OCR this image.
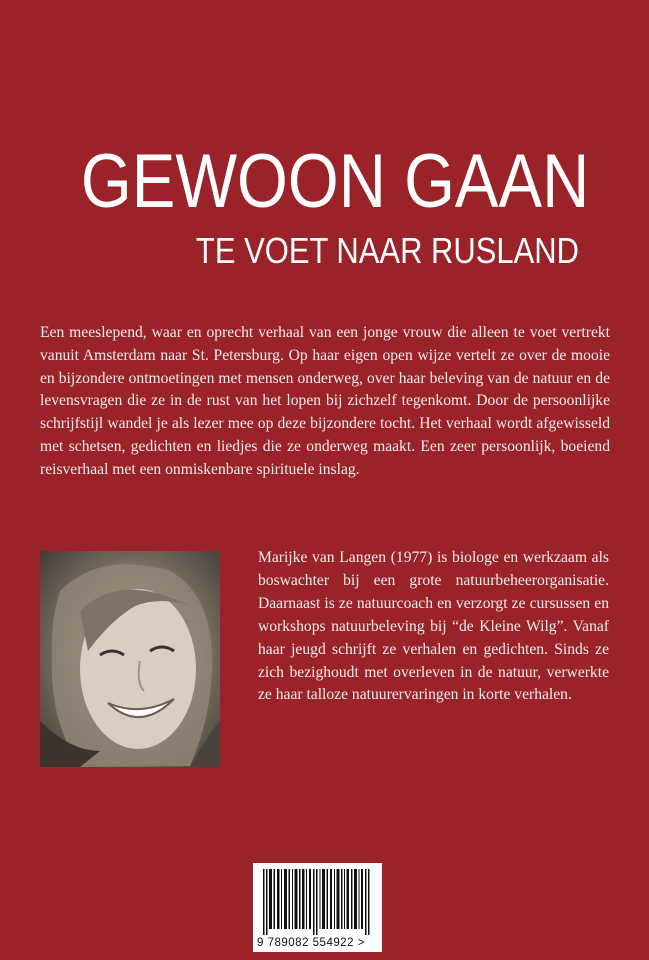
GEWOON GAAN
TE VOET NAAR RUSLAND
Een meeslepend, waar en oprecht verhaal van een jonge vrouw die alleen te voet vertrekt vanuit Amsterdam naar St. Petersburg. Op haar eigen open wijze vertelt ze over de mooie en bijzondere ontmoetingen met mensen onderweg, over haar beleving van de natuur en de levensvragen die ze in de rust van het lopen bij zichzelf tegenkomt. Door de persoonlijke schrijfstijl wandel je als lezer mee op deze bijzondere tocht. Het verhaal wordt afgewisseld met schetsen, gedichten en liedjes die ze onderweg maakt. Een zeer persoonlijk, boeiend reisverhaal met een onmiskenbare spirituele inslag.
Marijke van Langen (1977) is biologe en werkzaam als boswachter bij een grote natuurbeheerorganisatie. Daarnaast is ze natuurcoach en verzorgt ze cursussen en workshops natuurbeleving bij “de Kleine Wilg”. Vanaf haar jeugd schrijft ze verhalen en gedichten. Sinds ze zich bezighoudt met overleven in de natuur, verwerkte ze haar talloze natuurervaringen in korte verhalen.
9 789082 554922 >
